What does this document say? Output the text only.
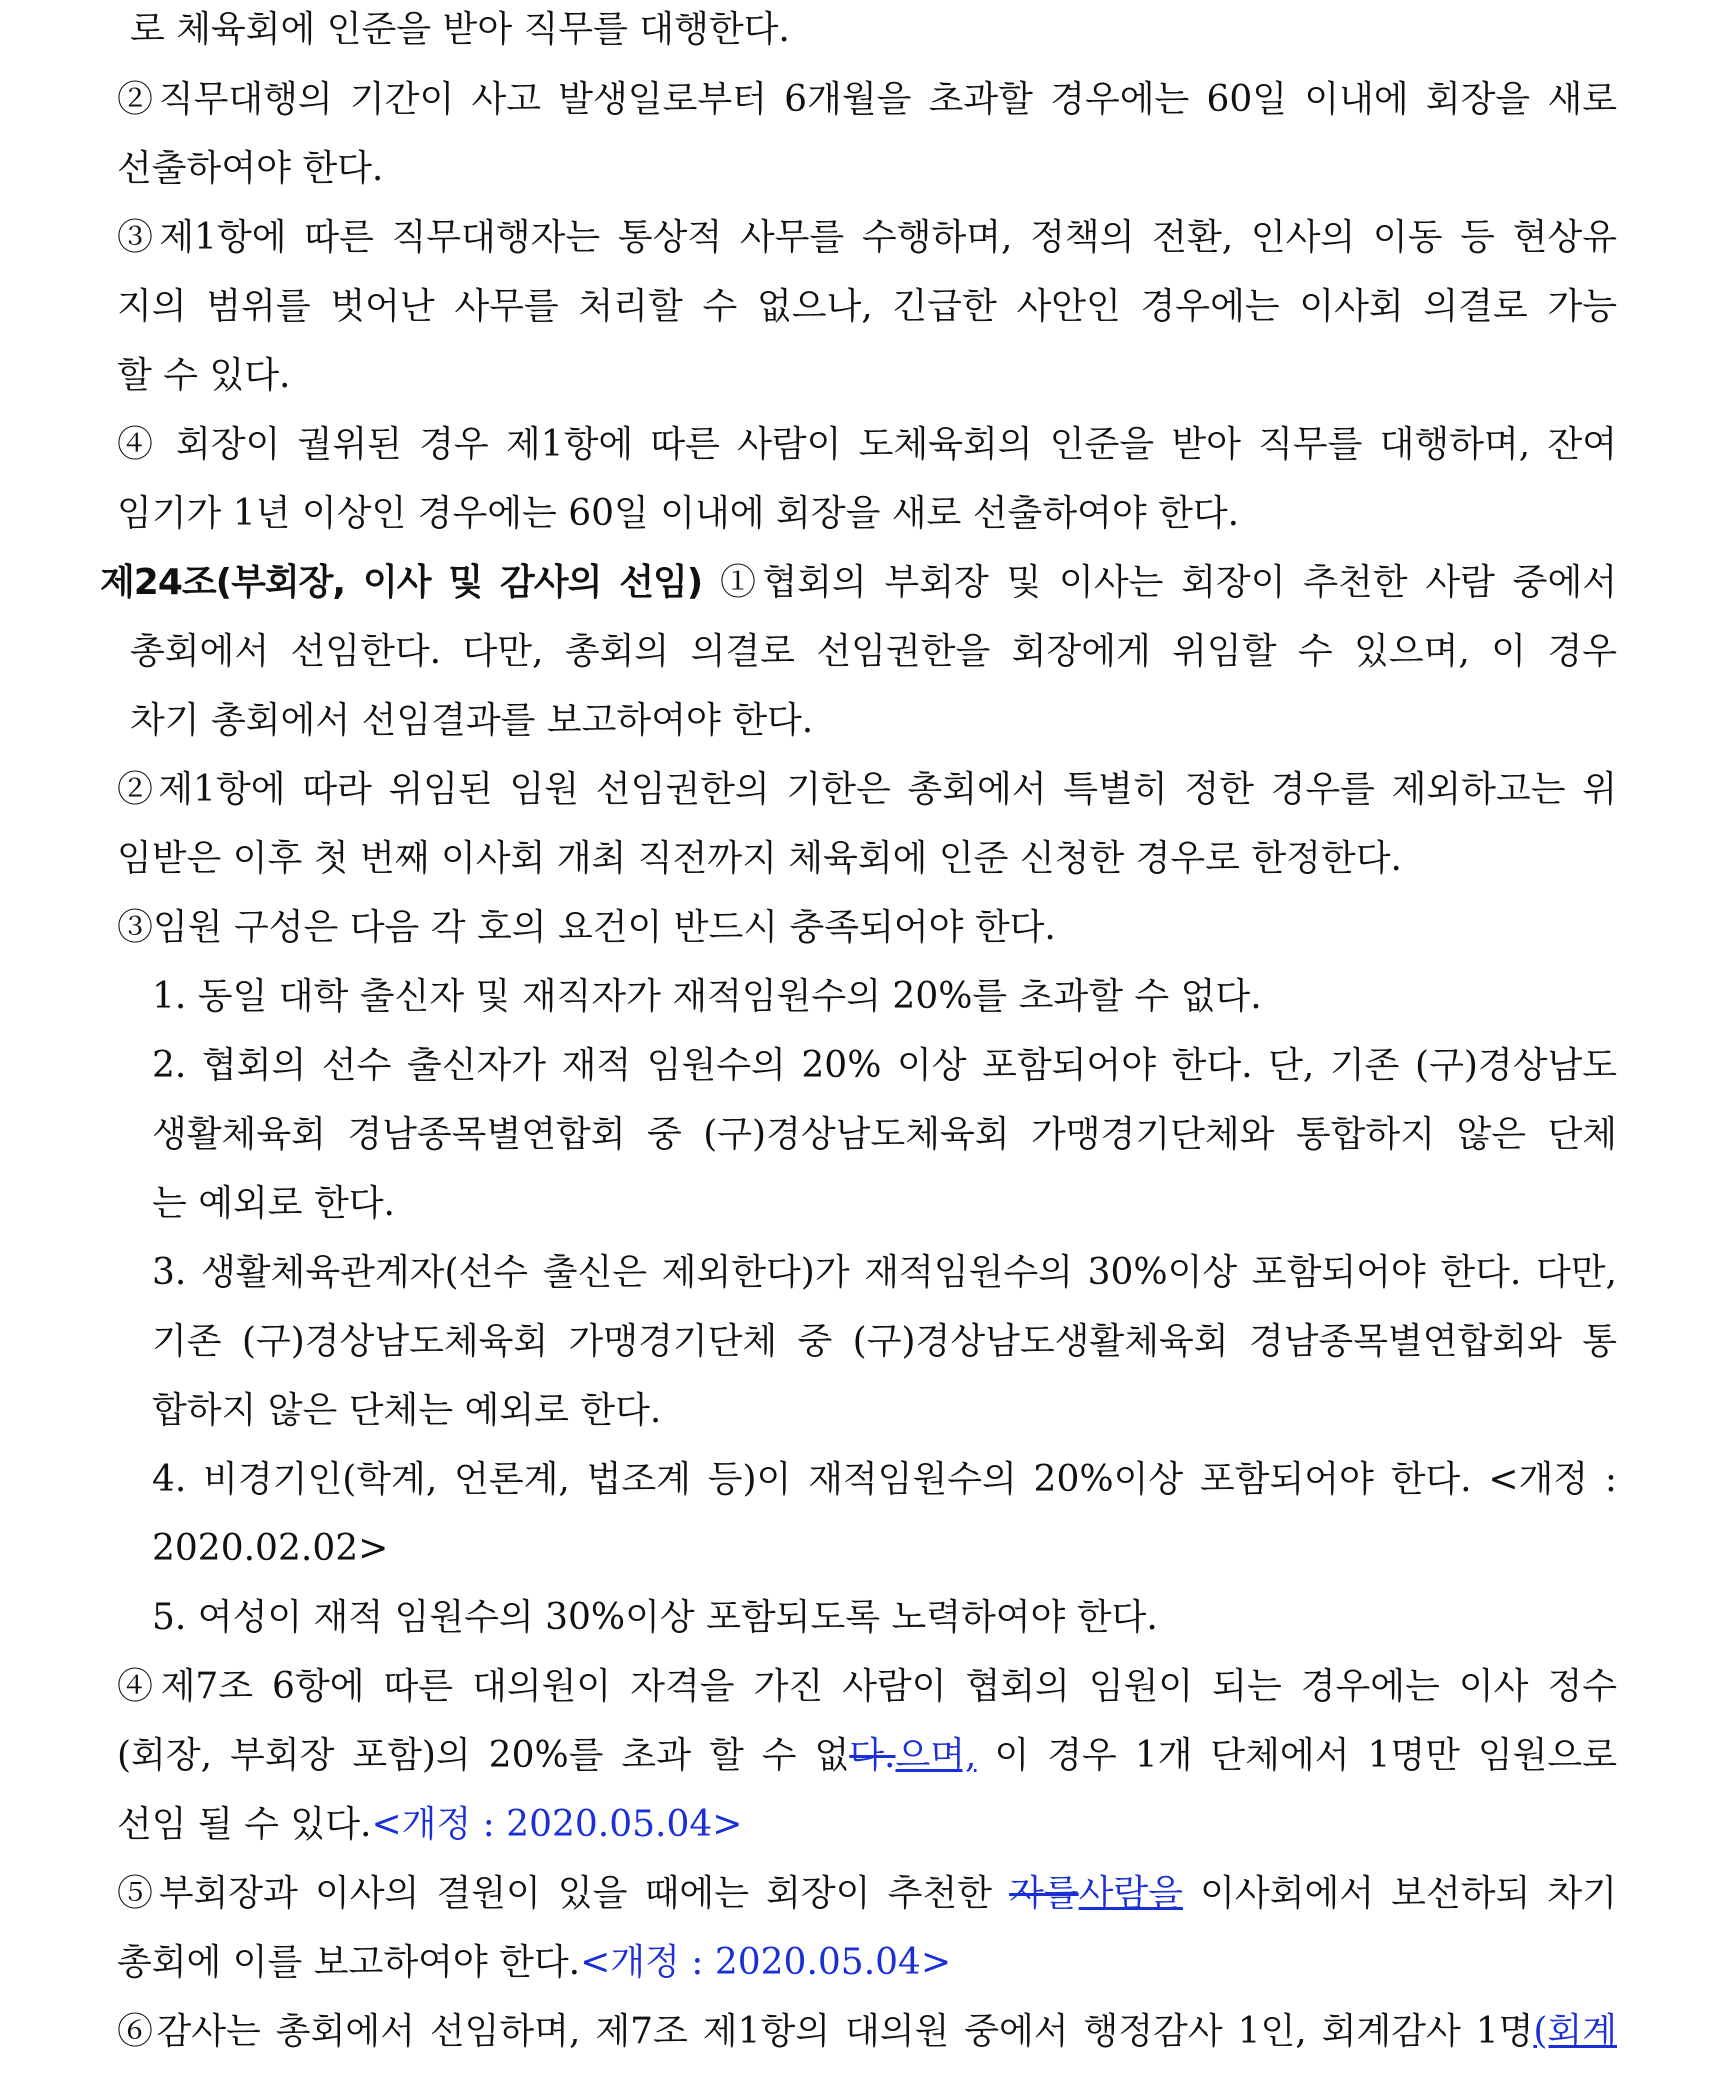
로 체육회에 인준을 받아 직무를 대행한다.
②직무대행의 기간이 사고 발생일로부터 6개월을 초과할 경우에는 60일 이내에 회장을 새로
선출하여야 한다.
③제1항에 따른 직무대행자는 통상적 사무를 수행하며, 정책의 전환, 인사의 이동 등 현상유
지의 범위를 벗어난 사무를 처리할 수 없으나, 긴급한 사안인 경우에는 이사회 의결로 가능
할 수 있다.
④ 회장이 궐위된 경우 제1항에 따른 사람이 도체육회의 인준을 받아 직무를 대행하며, 잔여
임기가 1년 이상인 경우에는 60일 이내에 회장을 새로 선출하여야 한다.
제24조(부회장, 이사 및 감사의 선임) ①협회의 부회장 및 이사는 회장이 추천한 사람 중에서
총회에서 선임한다. 다만, 총회의 의결로 선임권한을 회장에게 위임할 수 있으며, 이 경우
차기 총회에서 선임결과를 보고하여야 한다.
②제1항에 따라 위임된 임원 선임권한의 기한은 총회에서 특별히 정한 경우를 제외하고는 위
임받은 이후 첫 번째 이사회 개최 직전까지 체육회에 인준 신청한 경우로 한정한다.
③임원 구성은 다음 각 호의 요건이 반드시 충족되어야 한다.
1. 동일 대학 출신자 및 재직자가 재적임원수의 20%를 초과할 수 없다.
2. 협회의 선수 출신자가 재적 임원수의 20% 이상 포함되어야 한다. 단, 기존 (구)경상남도
생활체육회 경남종목별연합회 중 (구)경상남도체육회 가맹경기단체와 통합하지 않은 단체
는 예외로 한다.
3. 생활체육관계자(선수 출신은 제외한다)가 재적임원수의 30%이상 포함되어야 한다. 다만,
기존 (구)경상남도체육회 가맹경기단체 중 (구)경상남도생활체육회 경남종목별연합회와 통
합하지 않은 단체는 예외로 한다.
4. 비경기인(학계, 언론계, 법조계 등)이 재적임원수의 20%이상 포함되어야 한다. <개정 :
2020.02.02>
5. 여성이 재적 임원수의 30%이상 포함되도록 노력하여야 한다.
④제7조 6항에 따른 대의원이 자격을 가진 사람이 협회의 임원이 되는 경우에는 이사 정수
(회장, 부회장 포함)의 20%를 초과 할 수 없다.으며, 이 경우 1개 단체에서 1명만 임원으로
선임 될 수 있다.<개정 : 2020.05.04>
⑤부회장과 이사의 결원이 있을 때에는 회장이 추천한 자를사람을 이사회에서 보선하되 차기
총회에 이를 보고하여야 한다.<개정 : 2020.05.04>
⑥감사는 총회에서 선임하며, 제7조 제1항의 대의원 중에서 행정감사 1인, 회계감사 1명(회계
